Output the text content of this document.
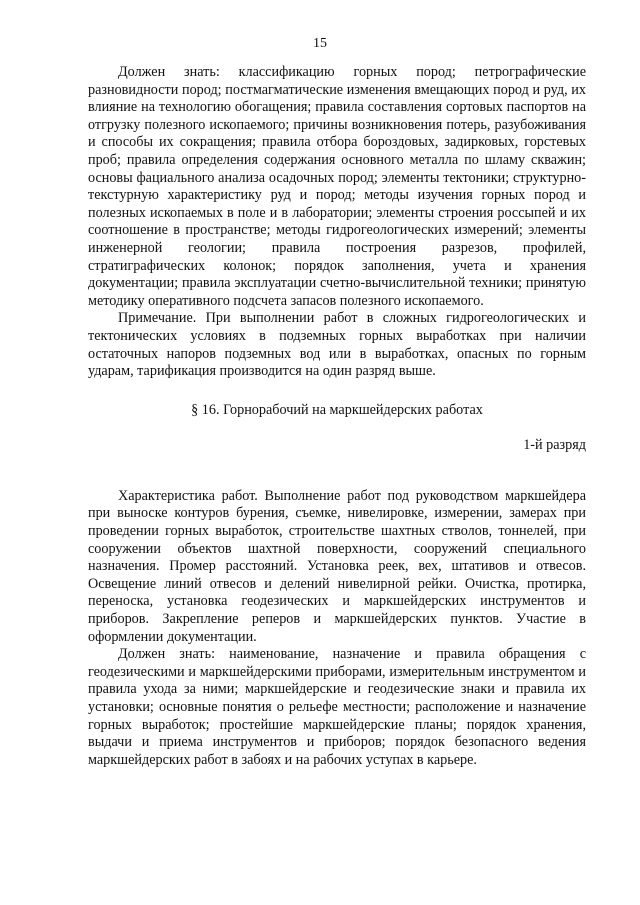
15

Должен знать: классификацию горных пород; петрографические разновидности пород; постмагматические изменения вмещающих пород и руд, их влияние на технологию обогащения; правила составления сортовых паспортов на отгрузку полезного ископаемого; причины возникновения потерь, разубоживания и способы их сокращения; правила отбора бороздовых, задирковых, горстевых проб; правила определения содержания основного металла по шламу скважин; основы фациального анализа осадочных пород; элементы тектоники; структурно-текстурную характеристику руд и пород; методы изучения горных пород и полезных ископаемых в поле и в лаборатории; элементы строения россыпей и их соотношение в пространстве; методы гидрогеологических измерений; элементы инженерной геологии; правила построения разрезов, профилей, стратиграфических колонок; порядок заполнения, учета и хранения документации; правила эксплуатации счетно-вычислительной техники; принятую методику оперативного подсчета запасов полезного ископаемого.

Примечание. При выполнении работ в сложных гидрогеологических и тектонических условиях в подземных горных выработках при наличии остаточных напоров подземных вод или в выработках, опасных по горным ударам, тарификация производится на один разряд выше.

§ 16. Горнорабочий на маркшейдерских работах

1-й разряд

Характеристика работ. Выполнение работ под руководством маркшейдера при выноске контуров бурения, съемке, нивелировке, измерении, замерах при проведении горных выработок, строительстве шахтных стволов, тоннелей, при сооружении объектов шахтной поверхности, сооружений специального назначения. Промер расстояний. Установка реек, вех, штативов и отвесов. Освещение линий отвесов и делений нивелирной рейки. Очистка, протирка, переноска, установка геодезических и маркшейдерских инструментов и приборов. Закрепление реперов и маркшейдерских пунктов. Участие в оформлении документации.

Должен знать: наименование, назначение и правила обращения с геодезическими и маркшейдерскими приборами, измерительным инструментом и правила ухода за ними; маркшейдерские и геодезические знаки и правила их установки; основные понятия о рельефе местности; расположение и назначение горных выработок; простейшие маркшейдерские планы; порядок хранения, выдачи и приема инструментов и приборов; порядок безопасного ведения маркшейдерских работ в забоях и на рабочих уступах в карьере.
